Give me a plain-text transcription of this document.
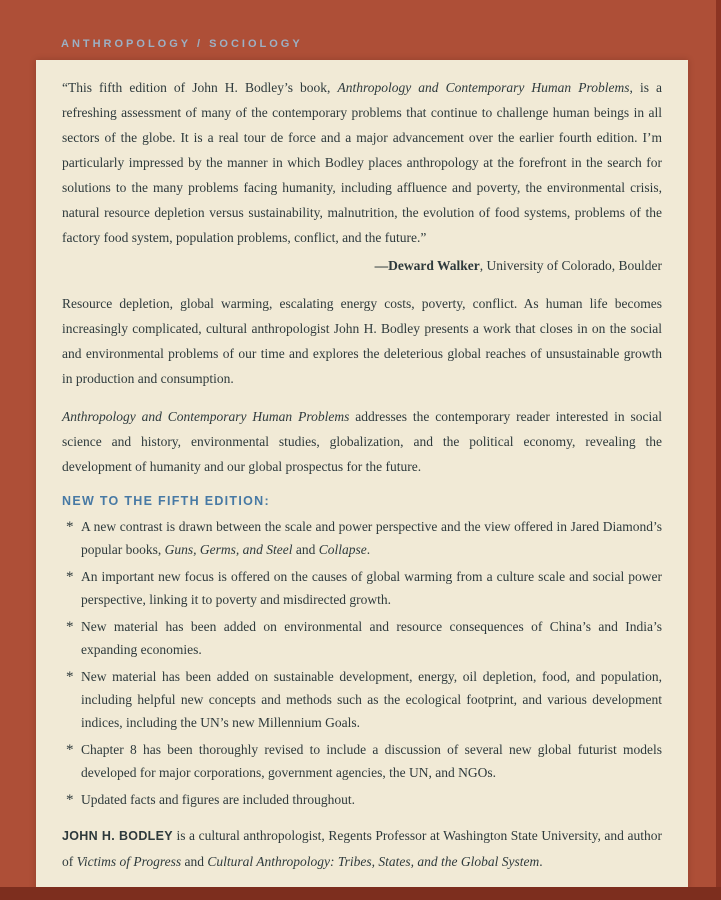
ANTHROPOLOGY / SOCIOLOGY

“This fifth edition of John H. Bodley’s book, Anthropology and Contemporary Human Problems, is a refreshing assessment of many of the contemporary problems that continue to challenge human beings in all sectors of the globe. It is a real tour de force and a major advancement over the earlier fourth edition. I’m particularly impressed by the manner in which Bodley places anthropology at the forefront in the search for solutions to the many problems facing humanity, including affluence and poverty, the environmental crisis, natural resource depletion versus sustainability, malnutrition, the evolution of food systems, problems of the factory food system, population problems, conflict, and the future.”

—Deward Walker, University of Colorado, Boulder

Resource depletion, global warming, escalating energy costs, poverty, conflict. As human life becomes increasingly complicated, cultural anthropologist John H. Bodley presents a work that closes in on the social and environmental problems of our time and explores the deleterious global reaches of unsustainable growth in production and consumption.

Anthropology and Contemporary Human Problems addresses the contemporary reader interested in social science and history, environmental studies, globalization, and the political economy, revealing the development of humanity and our global prospectus for the future.

NEW TO THE FIFTH EDITION:
* A new contrast is drawn between the scale and power perspective and the view offered in Jared Diamond’s popular books, Guns, Germs, and Steel and Collapse.
* An important new focus is offered on the causes of global warming from a culture scale and social power perspective, linking it to poverty and misdirected growth.
* New material has been added on environmental and resource consequences of China’s and India’s expanding economies.
* New material has been added on sustainable development, energy, oil depletion, food, and population, including helpful new concepts and methods such as the ecological footprint, and various development indices, including the UN’s new Millennium Goals.
* Chapter 8 has been thoroughly revised to include a discussion of several new global futurist models developed for major corporations, government agencies, the UN, and NGOs.
* Updated facts and figures are included throughout.

JOHN H. BODLEY is a cultural anthropologist, Regents Professor at Washington State University, and author of Victims of Progress and Cultural Anthropology: Tribes, States, and the Global System.
